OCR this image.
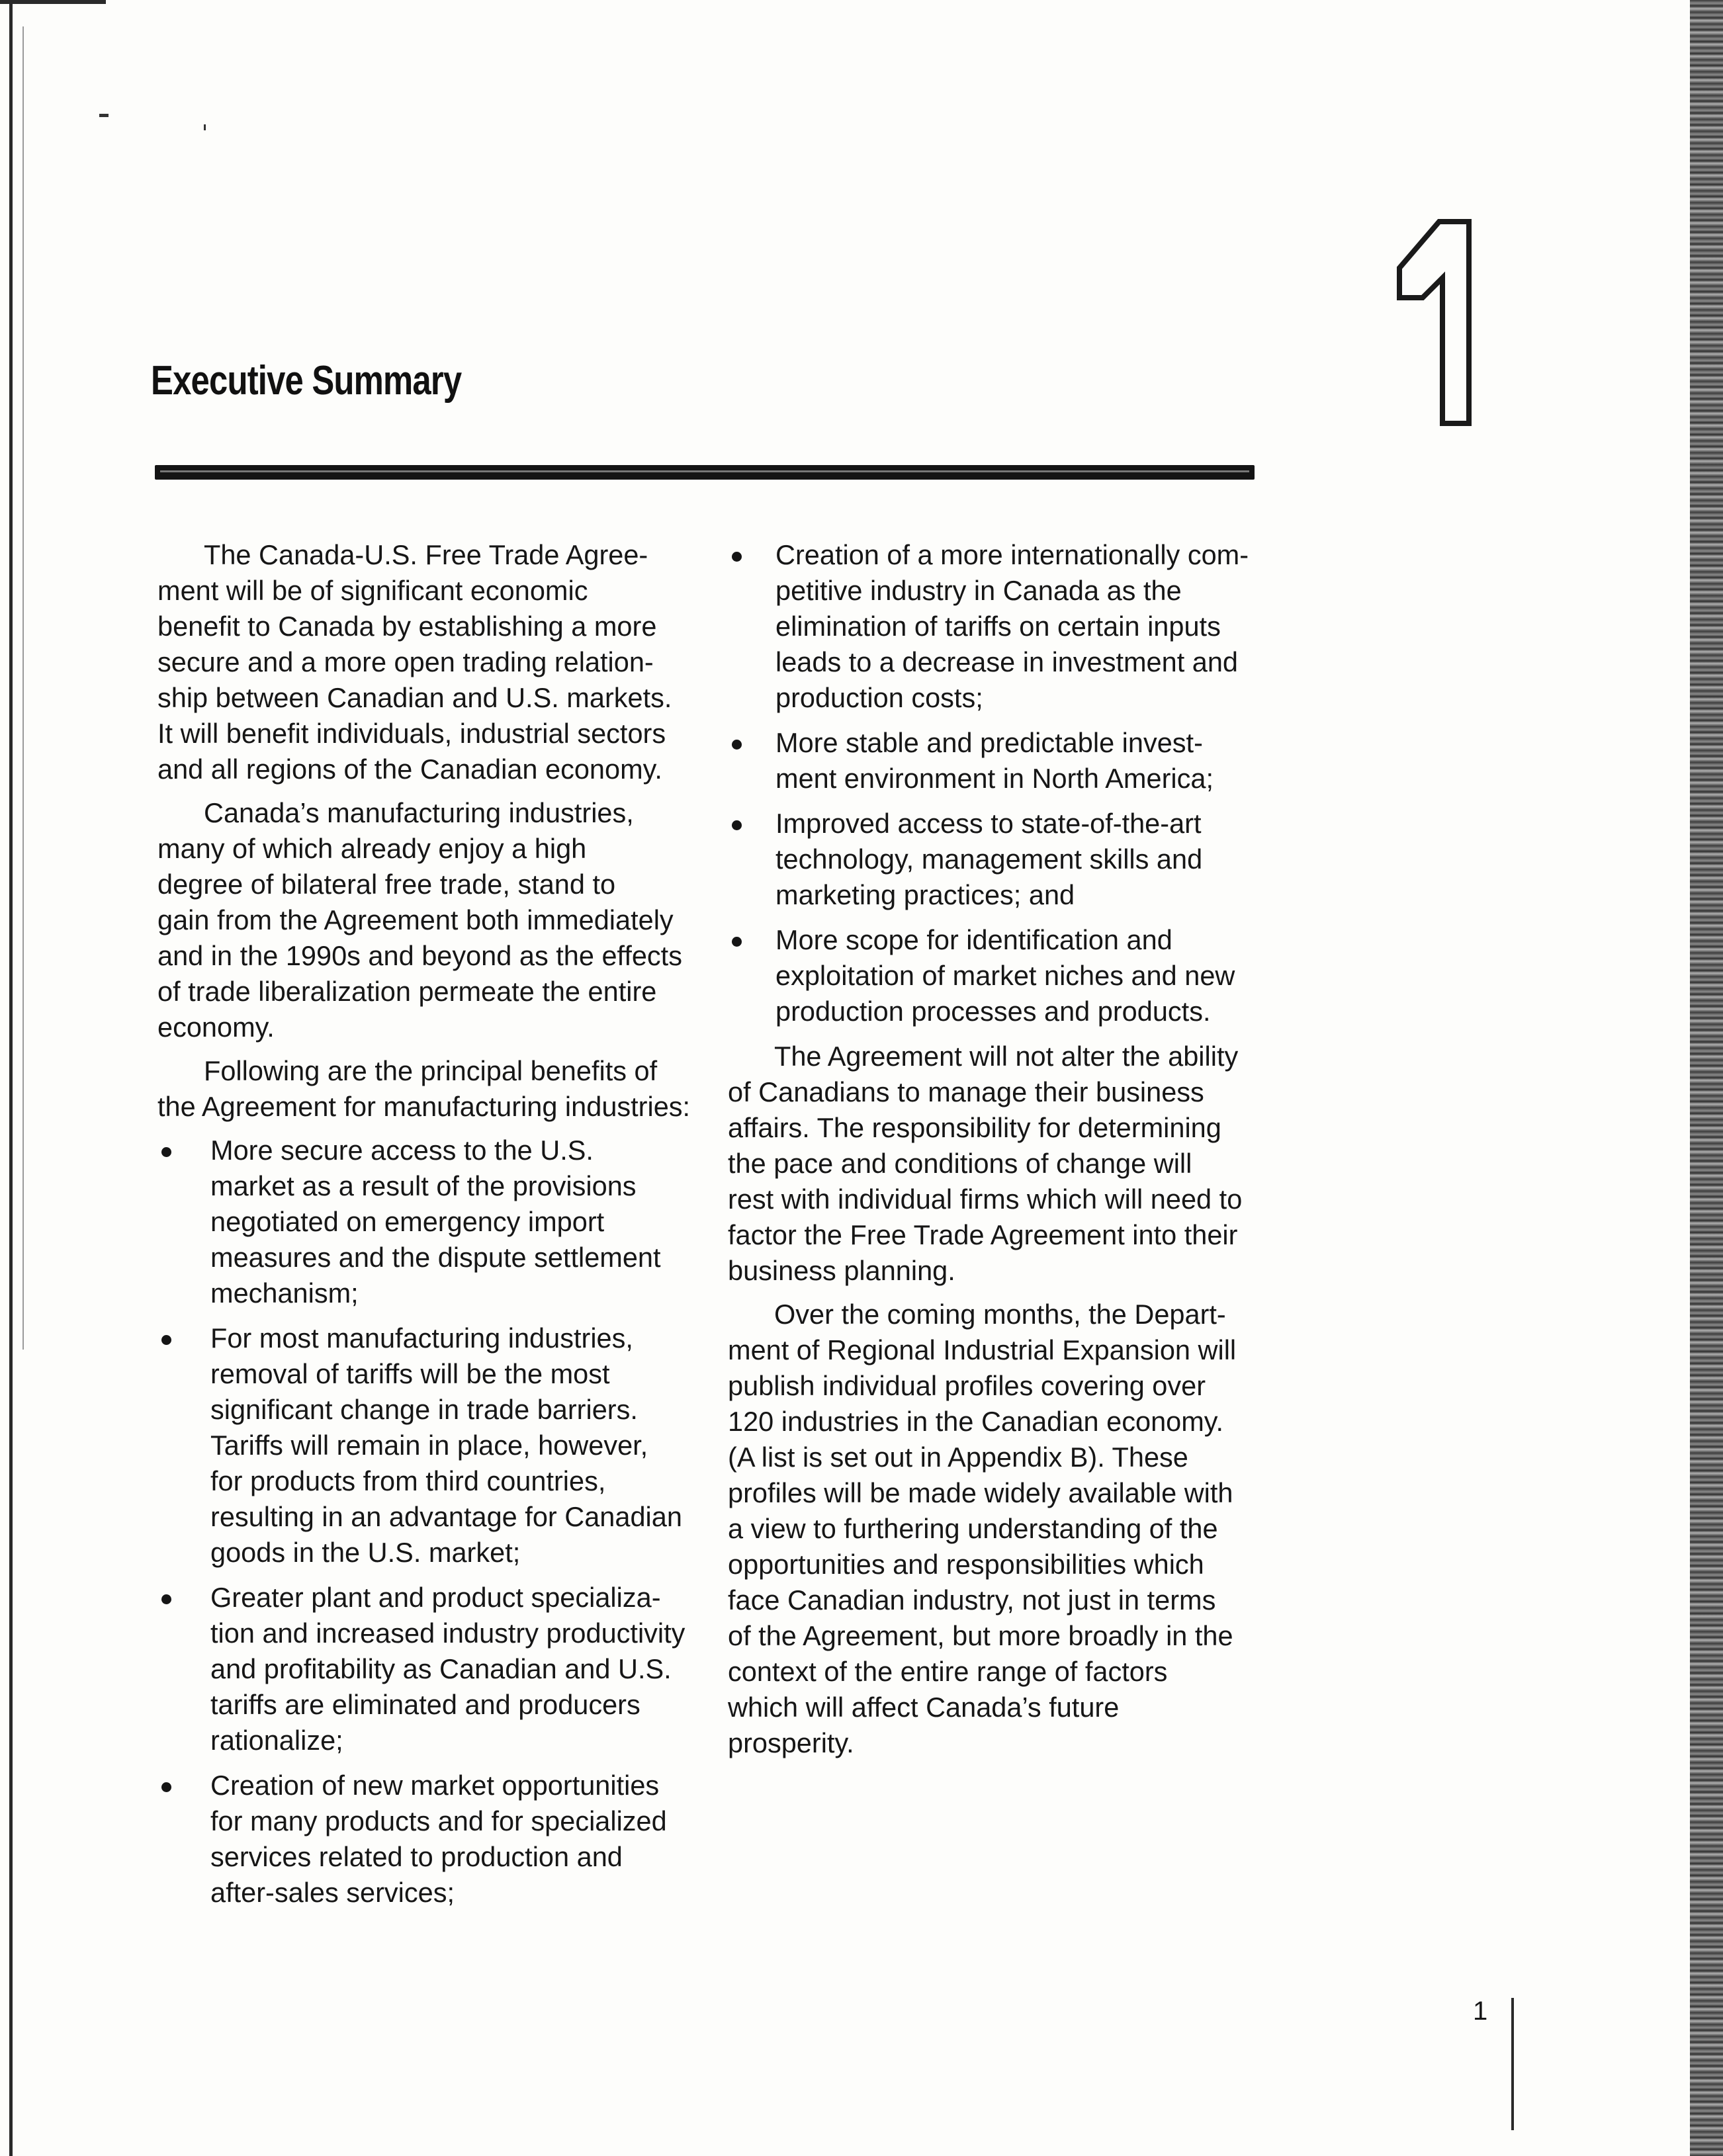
Executive Summary

The Canada-U.S. Free Trade Agree-
ment will be of significant economic
benefit to Canada by establishing a more
secure and a more open trading relation-
ship between Canadian and U.S. markets.
It will benefit individuals, industrial sectors
and all regions of the Canadian economy.

Canada’s manufacturing industries,
many of which already enjoy a high
degree of bilateral free trade, stand to
gain from the Agreement both immediately
and in the 1990s and beyond as the effects
of trade liberalization permeate the entire
economy.

Following are the principal benefits of
the Agreement for manufacturing industries:

More secure access to the U.S.
market as a result of the provisions
negotiated on emergency import
measures and the dispute settlement
mechanism;
For most manufacturing industries,
removal of tariffs will be the most
significant change in trade barriers.
Tariffs will remain in place, however,
for products from third countries,
resulting in an advantage for Canadian
goods in the U.S. market;
Greater plant and product specializa-
tion and increased industry productivity
and profitability as Canadian and U.S.
tariffs are eliminated and producers
rationalize;
Creation of new market opportunities
for many products and for specialized
services related to production and
after-sales services;
Creation of a more internationally com-
petitive industry in Canada as the
elimination of tariffs on certain inputs
leads to a decrease in investment and
production costs;
More stable and predictable invest-
ment environment in North America;
Improved access to state-of-the-art
technology, management skills and
marketing practices; and
More scope for identification and
exploitation of market niches and new
production processes and products.

The Agreement will not alter the ability
of Canadians to manage their business
affairs. The responsibility for determining
the pace and conditions of change will
rest with individual firms which will need to
factor the Free Trade Agreement into their
business planning.

Over the coming months, the Depart-
ment of Regional Industrial Expansion will
publish individual profiles covering over
120 industries in the Canadian economy.
(A list is set out in Appendix B). These
profiles will be made widely available with
a view to furthering understanding of the
opportunities and responsibilities which
face Canadian industry, not just in terms
of the Agreement, but more broadly in the
context of the entire range of factors
which will affect Canada’s future
prosperity.

1
